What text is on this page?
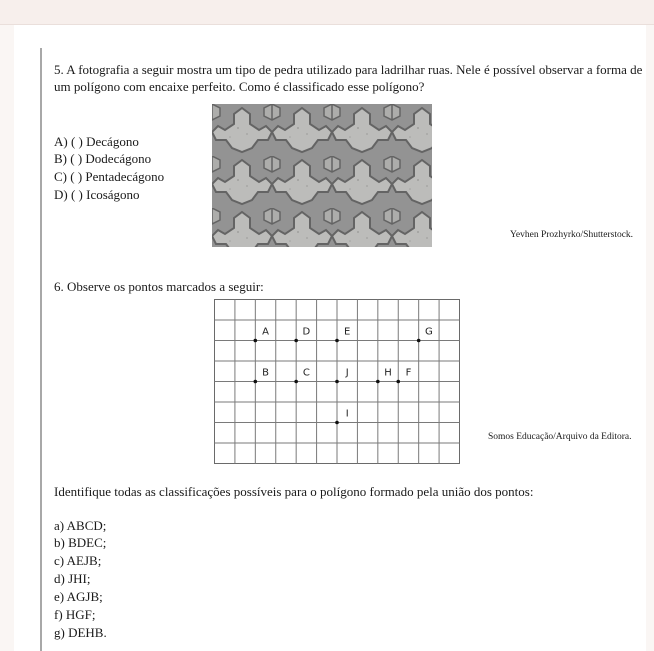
5. A fotografia a seguir mostra um tipo de pedra utilizado para ladrilhar ruas. Nele é possível observar a forma de um polígono com encaixe perfeito. Como é classificado esse polígono?

A) ( ) Decágono

B) ( ) Dodecágono

C) ( ) Pentadecágono

D) ( ) Icoságono

Yevhen Prozhyrko/Shutterstock.

6. Observe os pontos marcados a seguir:

A	D	E	G
B	C	J	H F
I

Somos Educação/Arquivo da Editora.

Identifique todas as classificações possíveis para o polígono formado pela união dos pontos:

a) ABCD;

b) BDEC;

c) AEJB;

d) JHI;

e) AGJB;

f) HGF;

g) DEHB.
